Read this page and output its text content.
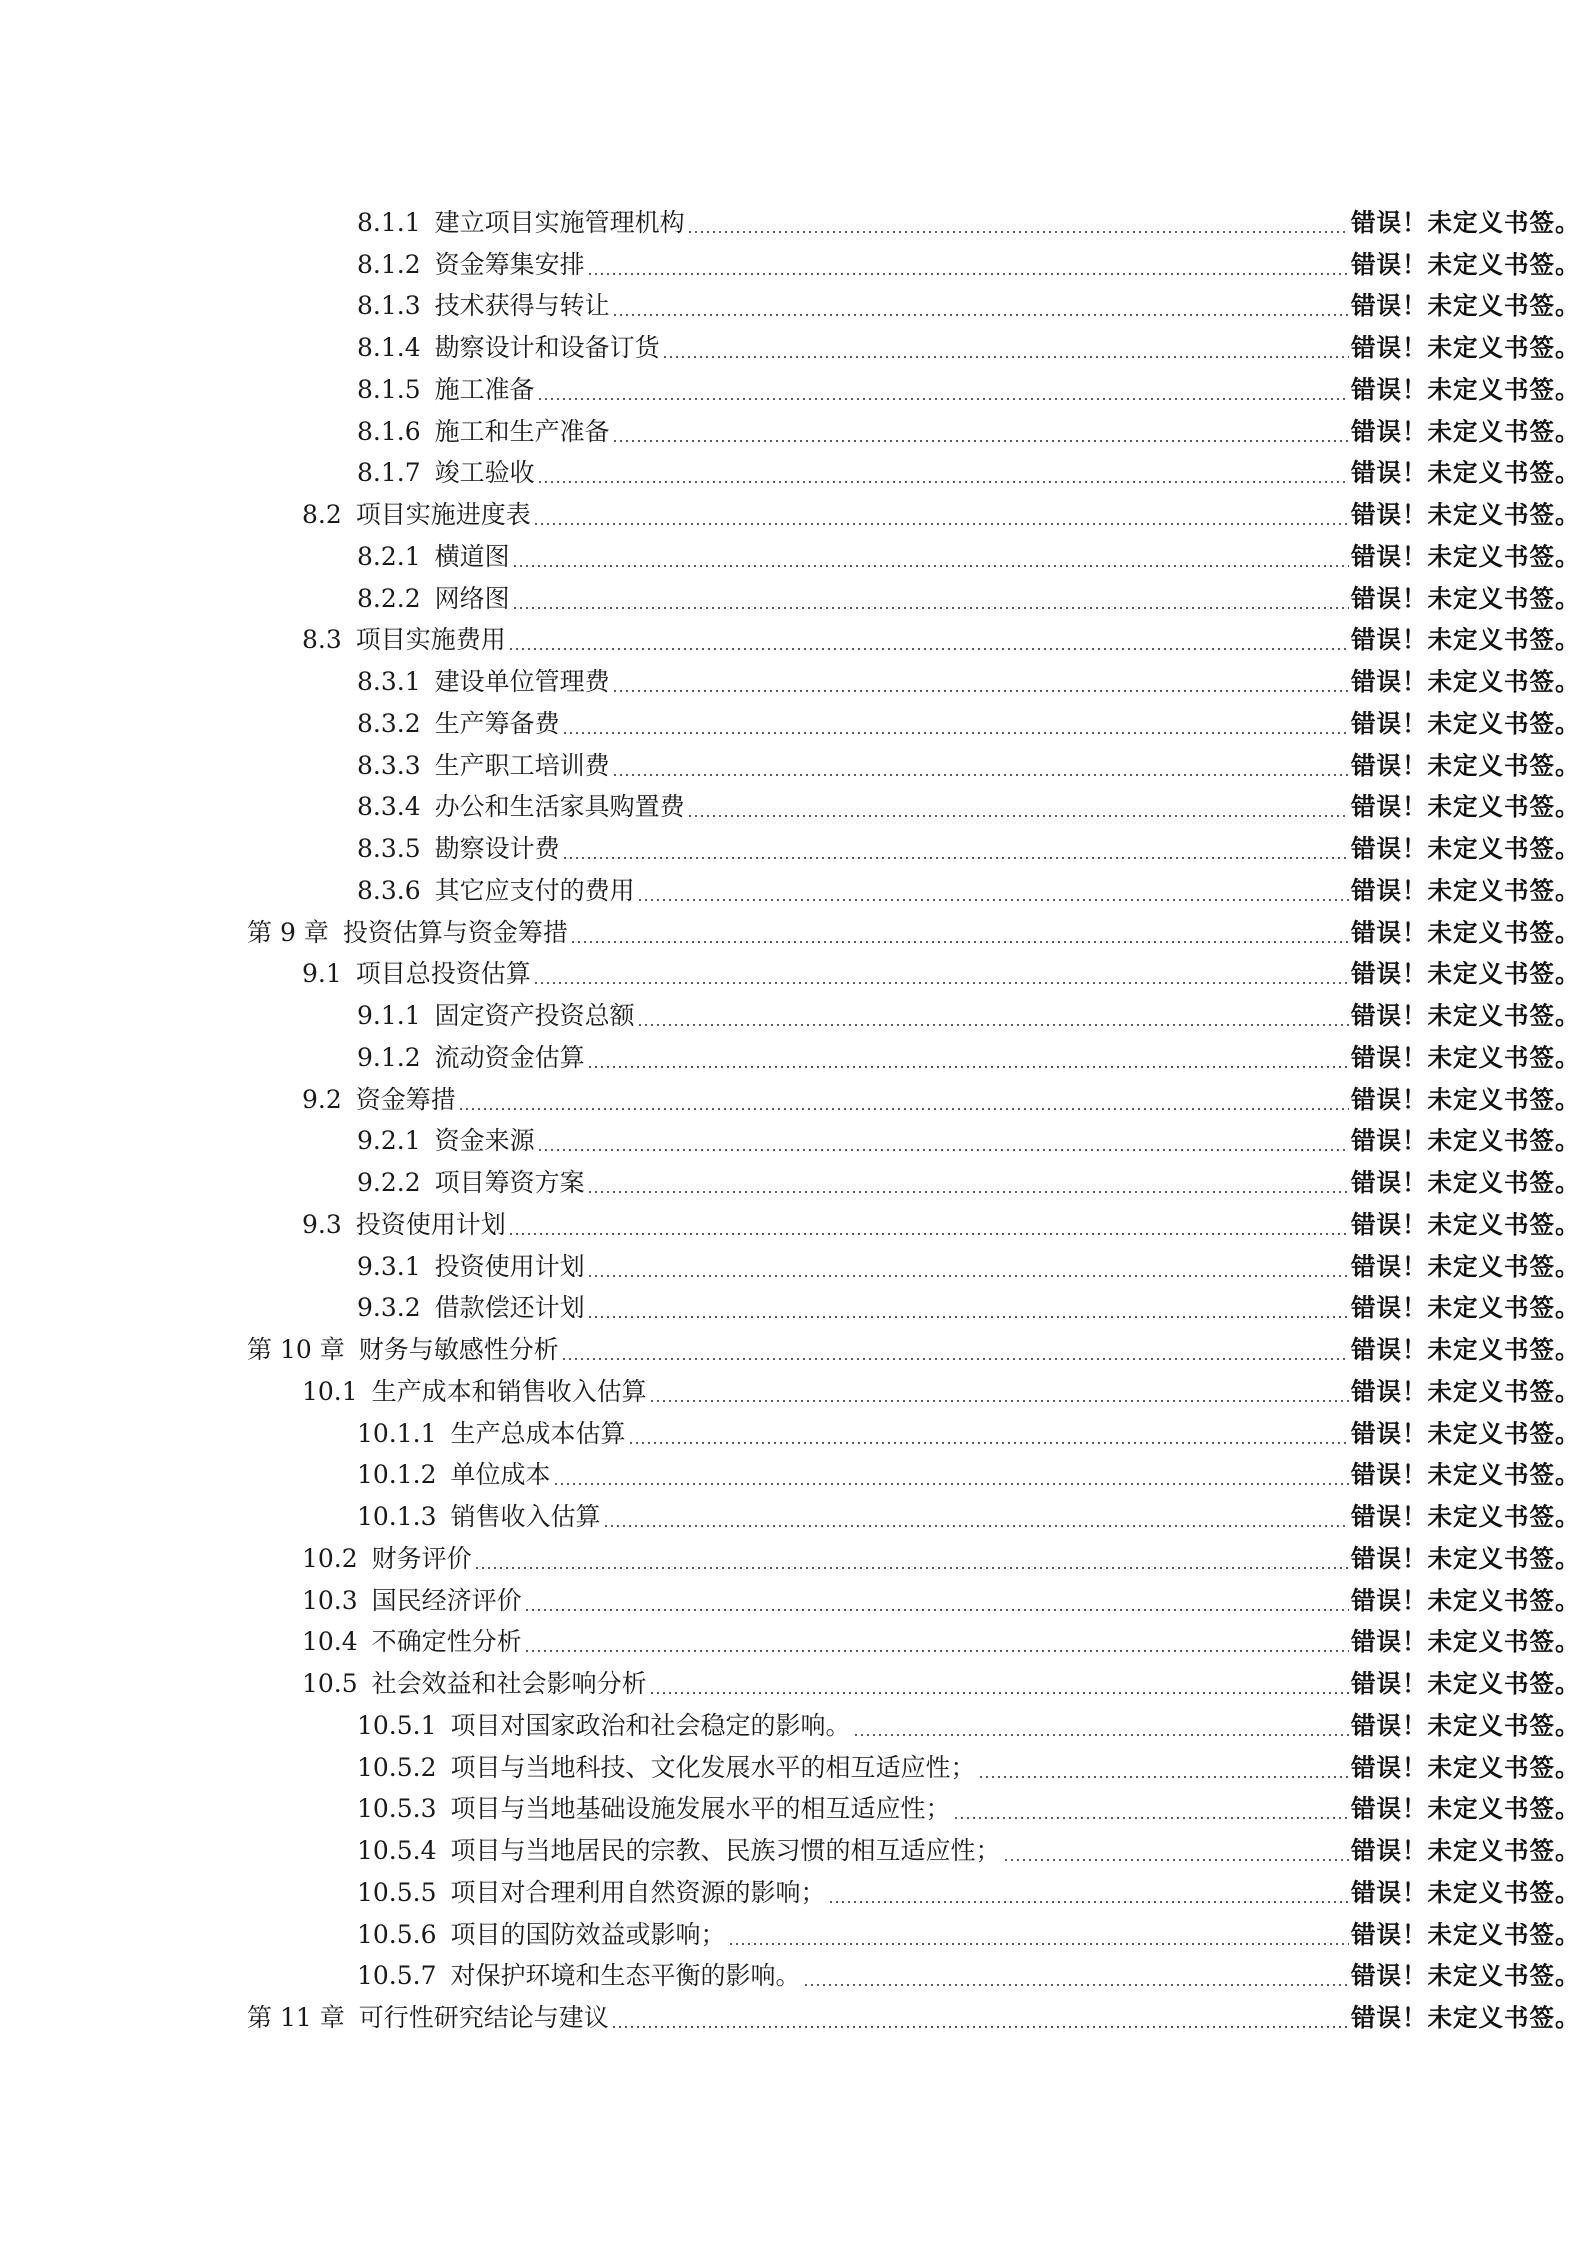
8.1.1 建立项目实施管理机构	错误！未定义书签。
8.1.2 资金筹集安排	错误！未定义书签。
8.1.3 技术获得与转让	错误！未定义书签。
8.1.4 勘察设计和设备订货	错误！未定义书签。
8.1.5 施工准备	错误！未定义书签。
8.1.6 施工和生产准备	错误！未定义书签。
8.1.7 竣工验收	错误！未定义书签。
8.2 项目实施进度表	错误！未定义书签。
8.2.1 横道图	错误！未定义书签。
8.2.2 网络图	错误！未定义书签。
8.3 项目实施费用	错误！未定义书签。
8.3.1 建设单位管理费	错误！未定义书签。
8.3.2 生产筹备费	错误！未定义书签。
8.3.3 生产职工培训费	错误！未定义书签。
8.3.4 办公和生活家具购置费	错误！未定义书签。
8.3.5 勘察设计费	错误！未定义书签。
8.3.6 其它应支付的费用	错误！未定义书签。
第 9 章 投资估算与资金筹措	错误！未定义书签。
9.1 项目总投资估算	错误！未定义书签。
9.1.1 固定资产投资总额	错误！未定义书签。
9.1.2 流动资金估算	错误！未定义书签。
9.2 资金筹措	错误！未定义书签。
9.2.1 资金来源	错误！未定义书签。
9.2.2 项目筹资方案	错误！未定义书签。
9.3 投资使用计划	错误！未定义书签。
9.3.1 投资使用计划	错误！未定义书签。
9.3.2 借款偿还计划	错误！未定义书签。
第 10 章 财务与敏感性分析	错误！未定义书签。
10.1 生产成本和销售收入估算	错误！未定义书签。
10.1.1 生产总成本估算	错误！未定义书签。
10.1.2 单位成本	错误！未定义书签。
10.1.3 销售收入估算	错误！未定义书签。
10.2 财务评价	错误！未定义书签。
10.3 国民经济评价	错误！未定义书签。
10.4 不确定性分析	错误！未定义书签。
10.5 社会效益和社会影响分析	错误！未定义书签。
10.5.1 项目对国家政治和社会稳定的影响。	错误！未定义书签。
10.5.2 项目与当地科技、文化发展水平的相互适应性；	错误！未定义书签。
10.5.3 项目与当地基础设施发展水平的相互适应性；	错误！未定义书签。
10.5.4 项目与当地居民的宗教、民族习惯的相互适应性；	错误！未定义书签。
10.5.5 项目对合理利用自然资源的影响；	错误！未定义书签。
10.5.6 项目的国防效益或影响；	错误！未定义书签。
10.5.7 对保护环境和生态平衡的影响。	错误！未定义书签。
第 11 章 可行性研究结论与建议	错误！未定义书签。
